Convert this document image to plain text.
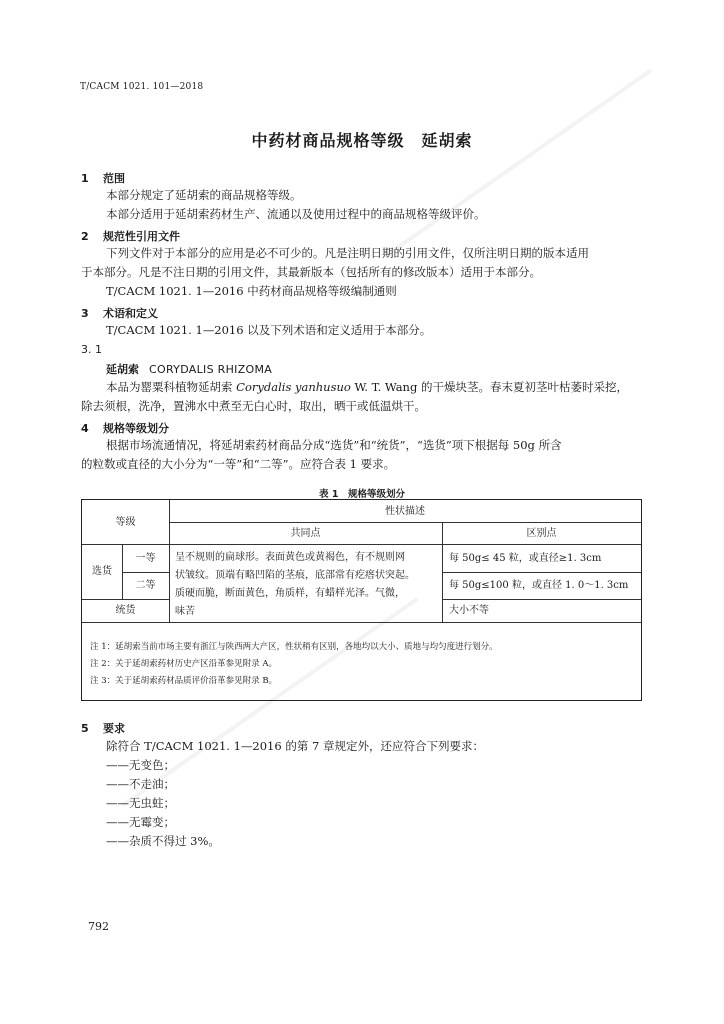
T/CACM 1021. 101—2018
中药材商品规格等级　延胡索
1 范围
本部分规定了延胡索的商品规格等级。
本部分适用于延胡索药材生产、流通以及使用过程中的商品规格等级评价。
2 规范性引用文件
下列文件对于本部分的应用是必不可少的。凡是注明日期的引用文件，仅所注明日期的版本适用
于本部分。凡是不注日期的引用文件，其最新版本（包括所有的修改版本）适用于本部分。
T/CACM 1021. 1—2016 中药材商品规格等级编制通则
3 术语和定义
T/CACM 1021. 1—2016 以及下列术语和定义适用于本部分。
3. 1
延胡索 CORYDALIS RHIZOMA
本品为罂粟科植物延胡索 Corydalis yanhusuo W. T. Wang 的干燥块茎。春末夏初茎叶枯萎时采挖，
除去须根，洗净，置沸水中煮至无白心时，取出，晒干或低温烘干。
4 规格等级划分
根据市场流通情况，将延胡索药材商品分成“选货”和“统货”，“选货”项下根据每 50g 所含
的粒数或直径的大小分为“一等”和“二等”。应符合表 1 要求。
表 1　规格等级划分
等级
性状描述
共同点	区别点
选货
一等
二等
统货
呈不规则的扁球形。表面黄色或黄褐色，有不规则网
状皱纹。顶端有略凹陷的茎痕，底部常有疙瘩状突起。
质硬而脆，断面黄色，角质样，有蜡样光泽。气微，
味苦
每 50g≤ 45 粒，或直径≥1. 3cm
每 50g≤100 粒，或直径 1. 0～1. 3cm
大小不等
注 1：延胡索当前市场主要有浙江与陕西两大产区，性状稍有区别，各地均以大小、质地与均匀度进行划分。
注 2：关于延胡索药材历史产区沿革参见附录 A。
注 3：关于延胡索药材品质评价沿革参见附录 B。
5 要求
除符合 T/CACM 1021. 1—2016 的第 7 章规定外，还应符合下列要求：
——无变色；
——不走油；
——无虫蛀；
——无霉变；
——杂质不得过 3%。
792
